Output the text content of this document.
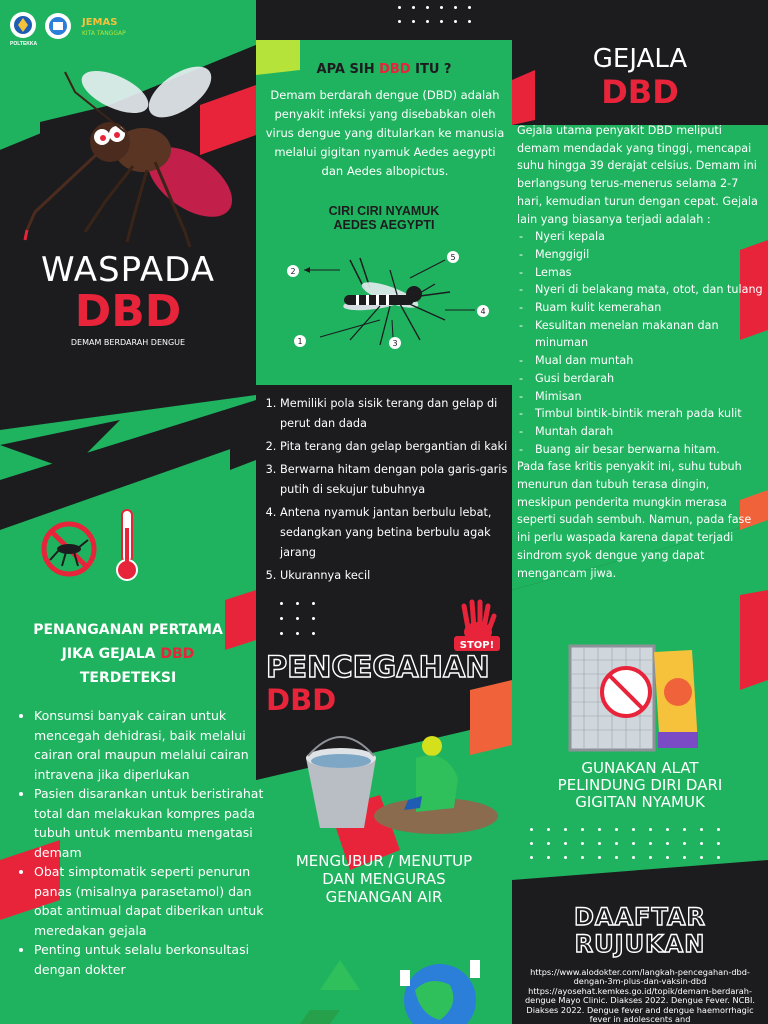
POLTEKKA
JEMAS
KITA TANGGAP
WASPADA
DBD
DEMAM BERDARAH DENGUE
PENANGANAN PERTAMA
JIKA GEJALA DBD
TERDETEKSI
• Konsumsi banyak cairan untuk mencegah dehidrasi, baik melalui cairan oral maupun melalui cairan intravena jika diperlukan
• Pasien disarankan untuk beristirahat total dan melakukan kompres pada tubuh untuk membantu mengatasi demam
• Obat simptomatik seperti penurun panas (misalnya parasetamol) dan obat antimual dapat diberikan untuk meredakan gejala
• Penting untuk selalu berkonsultasi dengan dokter
APA SIH DBD ITU ?
Demam berdarah dengue (DBD) adalah penyakit infeksi yang disebabkan oleh virus dengue yang ditularkan ke manusia melalui gigitan nyamuk Aedes aegypti dan Aedes albopictus.
CIRI CIRI NYAMUK
AEDES AEGYPTI
1
2
3
4
5
1. Memiliki pola sisik terang dan gelap di perut dan dada
2. Pita terang dan gelap bergantian di kaki
3. Berwarna hitam dengan pola garis-garis putih di sekujur tubuhnya
4. Antena nyamuk jantan berbulu lebat, sedangkan yang betina berbulu agak jarang
5. Ukurannya kecil
STOP!
PENCEGAHAN
DBD
MENGUBUR / MENUTUP
DAN MENGURAS
GENANGAN AIR
GEJALA
DBD
Gejala utama penyakit DBD meliputi demam mendadak yang tinggi, mencapai suhu hingga 39 derajat celsius. Demam ini berlangsung terus-menerus selama 2-7 hari, kemudian turun dengan cepat. Gejala lain yang biasanya terjadi adalah :
- Nyeri kepala
- Menggigil
- Lemas
- Nyeri di belakang mata, otot, dan tulang
- Ruam kulit kemerahan
- Kesulitan menelan makanan dan minuman
- Mual dan muntah
- Gusi berdarah
- Mimisan
- Timbul bintik-bintik merah pada kulit
- Muntah darah
- Buang air besar berwarna hitam.
Pada fase kritis penyakit ini, suhu tubuh menurun dan tubuh terasa dingin, meskipun penderita mungkin merasa seperti sudah sembuh. Namun, pada fase ini perlu waspada karena dapat terjadi sindrom syok dengue yang dapat mengancam jiwa.
GUNAKAN ALAT
PELINDUNG DIRI DARI
GIGITAN NYAMUK
DAAFTAR
RUJUKAN
https://www.alodokter.com/langkah-pencegahan-dbd-dengan-3m-plus-dan-vaksin-dbd https://ayosehat.kemkes.go.id/topik/demam-berdarah-dengue Mayo Clinic. Diakses 2022. Dengue Fever. NCBI. Diakses 2022. Dengue fever and dengue haemorrhagic fever in adolescents and
